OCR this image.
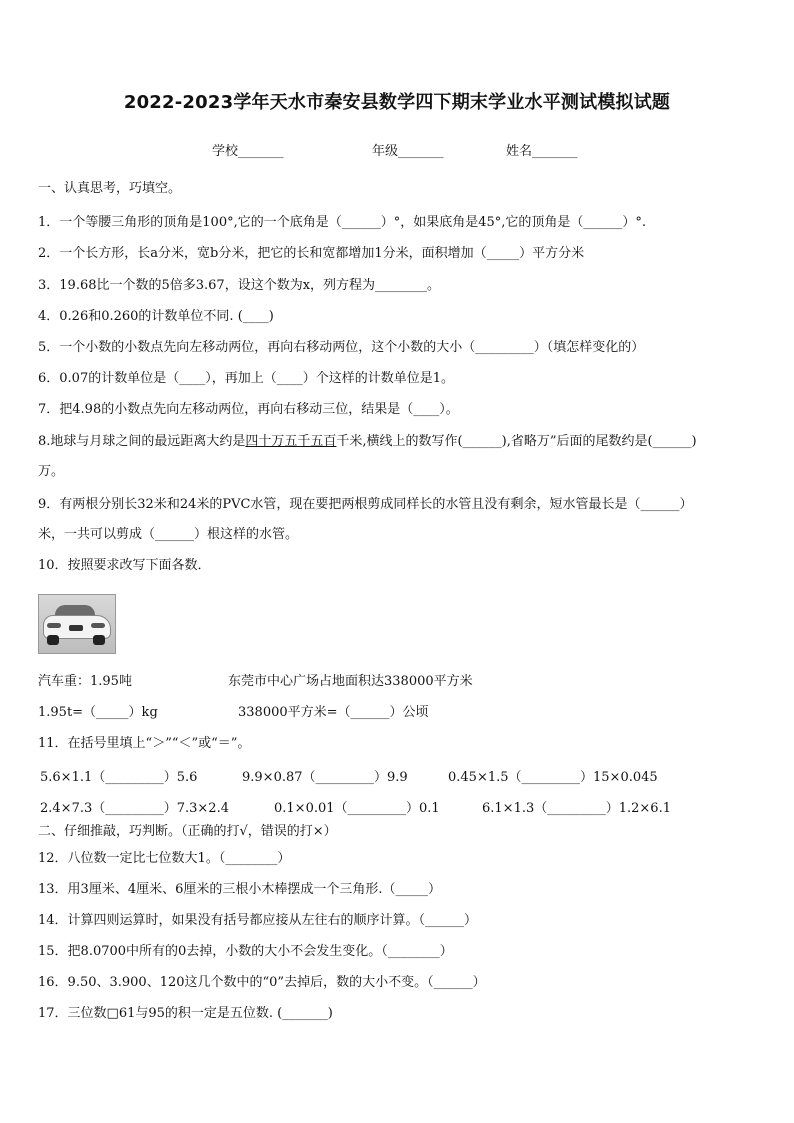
2022-2023学年天水市秦安县数学四下期末学业水平测试模拟试题
学校_______	年级_______	姓名_______
一、认真思考，巧填空。
1．一个等腰三角形的顶角是100°,它的一个底角是（______）°，如果底角是45°,它的顶角是（______）°.
2．一个长方形，长a分米，宽b分米，把它的长和宽都增加1分米，面积增加（_____）平方分米
3．19.68比一个数的5倍多3.67，设这个数为x，列方程为________。
4．0.26和0.260的计数单位不同. (____)
5．一个小数的小数点先向左移动两位，再向右移动两位，这个小数的大小（_________）（填怎样变化的）
6．0.07的计数单位是（____），再加上（____）个这样的计数单位是1。
7．把4.98的小数点先向左移动两位，再向右移动三位，结果是（____）。
8.地球与月球之间的最远距离大约是四十万五千五百千米,横线上的数写作(______),省略万”后面的尾数约是(______)
万。
9．有两根分别长32米和24米的PVC水管，现在要把两根剪成同样长的水管且没有剩余，短水管最长是（______）
米，一共可以剪成（______）根这样的水管。
10．按照要求改写下面各数．
汽车重：1.95吨	东莞市中心广场占地面积达338000平方米
1.95t=（_____）kg	338000平方米=（______）公顷
11．在括号里填上“＞”“＜”或“＝”。
5.6×1.1（_________）5.6	9.9×0.87（_________）9.9	0.45×1.5（_________）15×0.045
2.4×7.3（_________）7.3×2.4	0.1×0.01（_________）0.1	6.1×1.3（_________）1.2×6.1
二、仔细推敲，巧判断。（正确的打√，错误的打×）
12．八位数一定比七位数大1。（________）
13．用3厘米、4厘米、6厘米的三根小木棒摆成一个三角形.（_____）
14．计算四则运算时，如果没有括号都应接从左往右的顺序计算。（______）
15．把8.0700中所有的0去掉，小数的大小不会发生变化。（________）
16．9.50、3.900、120这几个数中的“0”去掉后，数的大小不变。（______）
17．三位数□61与95的积一定是五位数. (_______)
